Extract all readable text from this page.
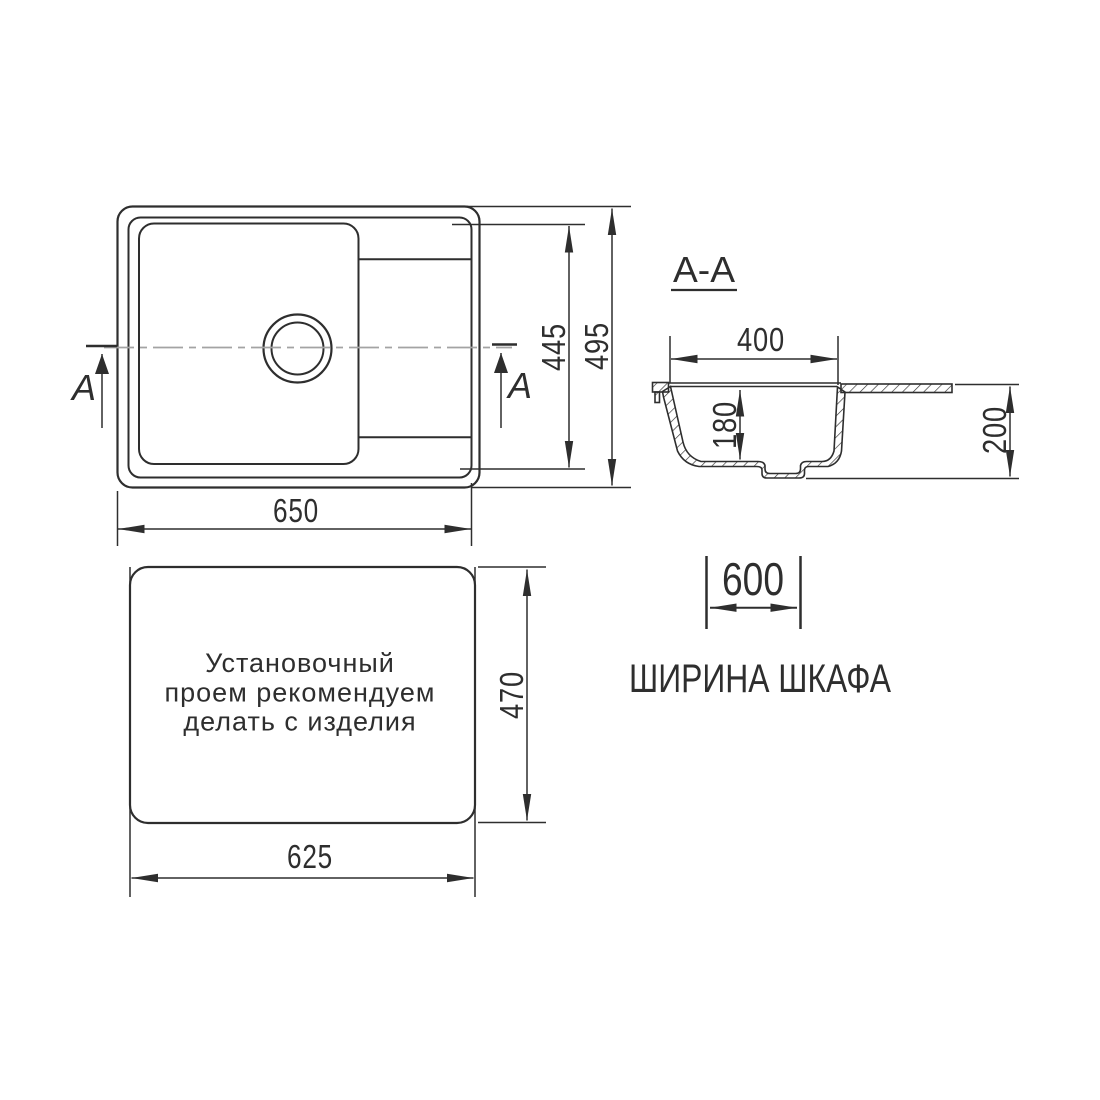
A	A
650
445 495
A-A
400
180	200
Установочный
проем рекомендуем
делать с изделия
470
625
600
ШИРИНА ШКАФА
